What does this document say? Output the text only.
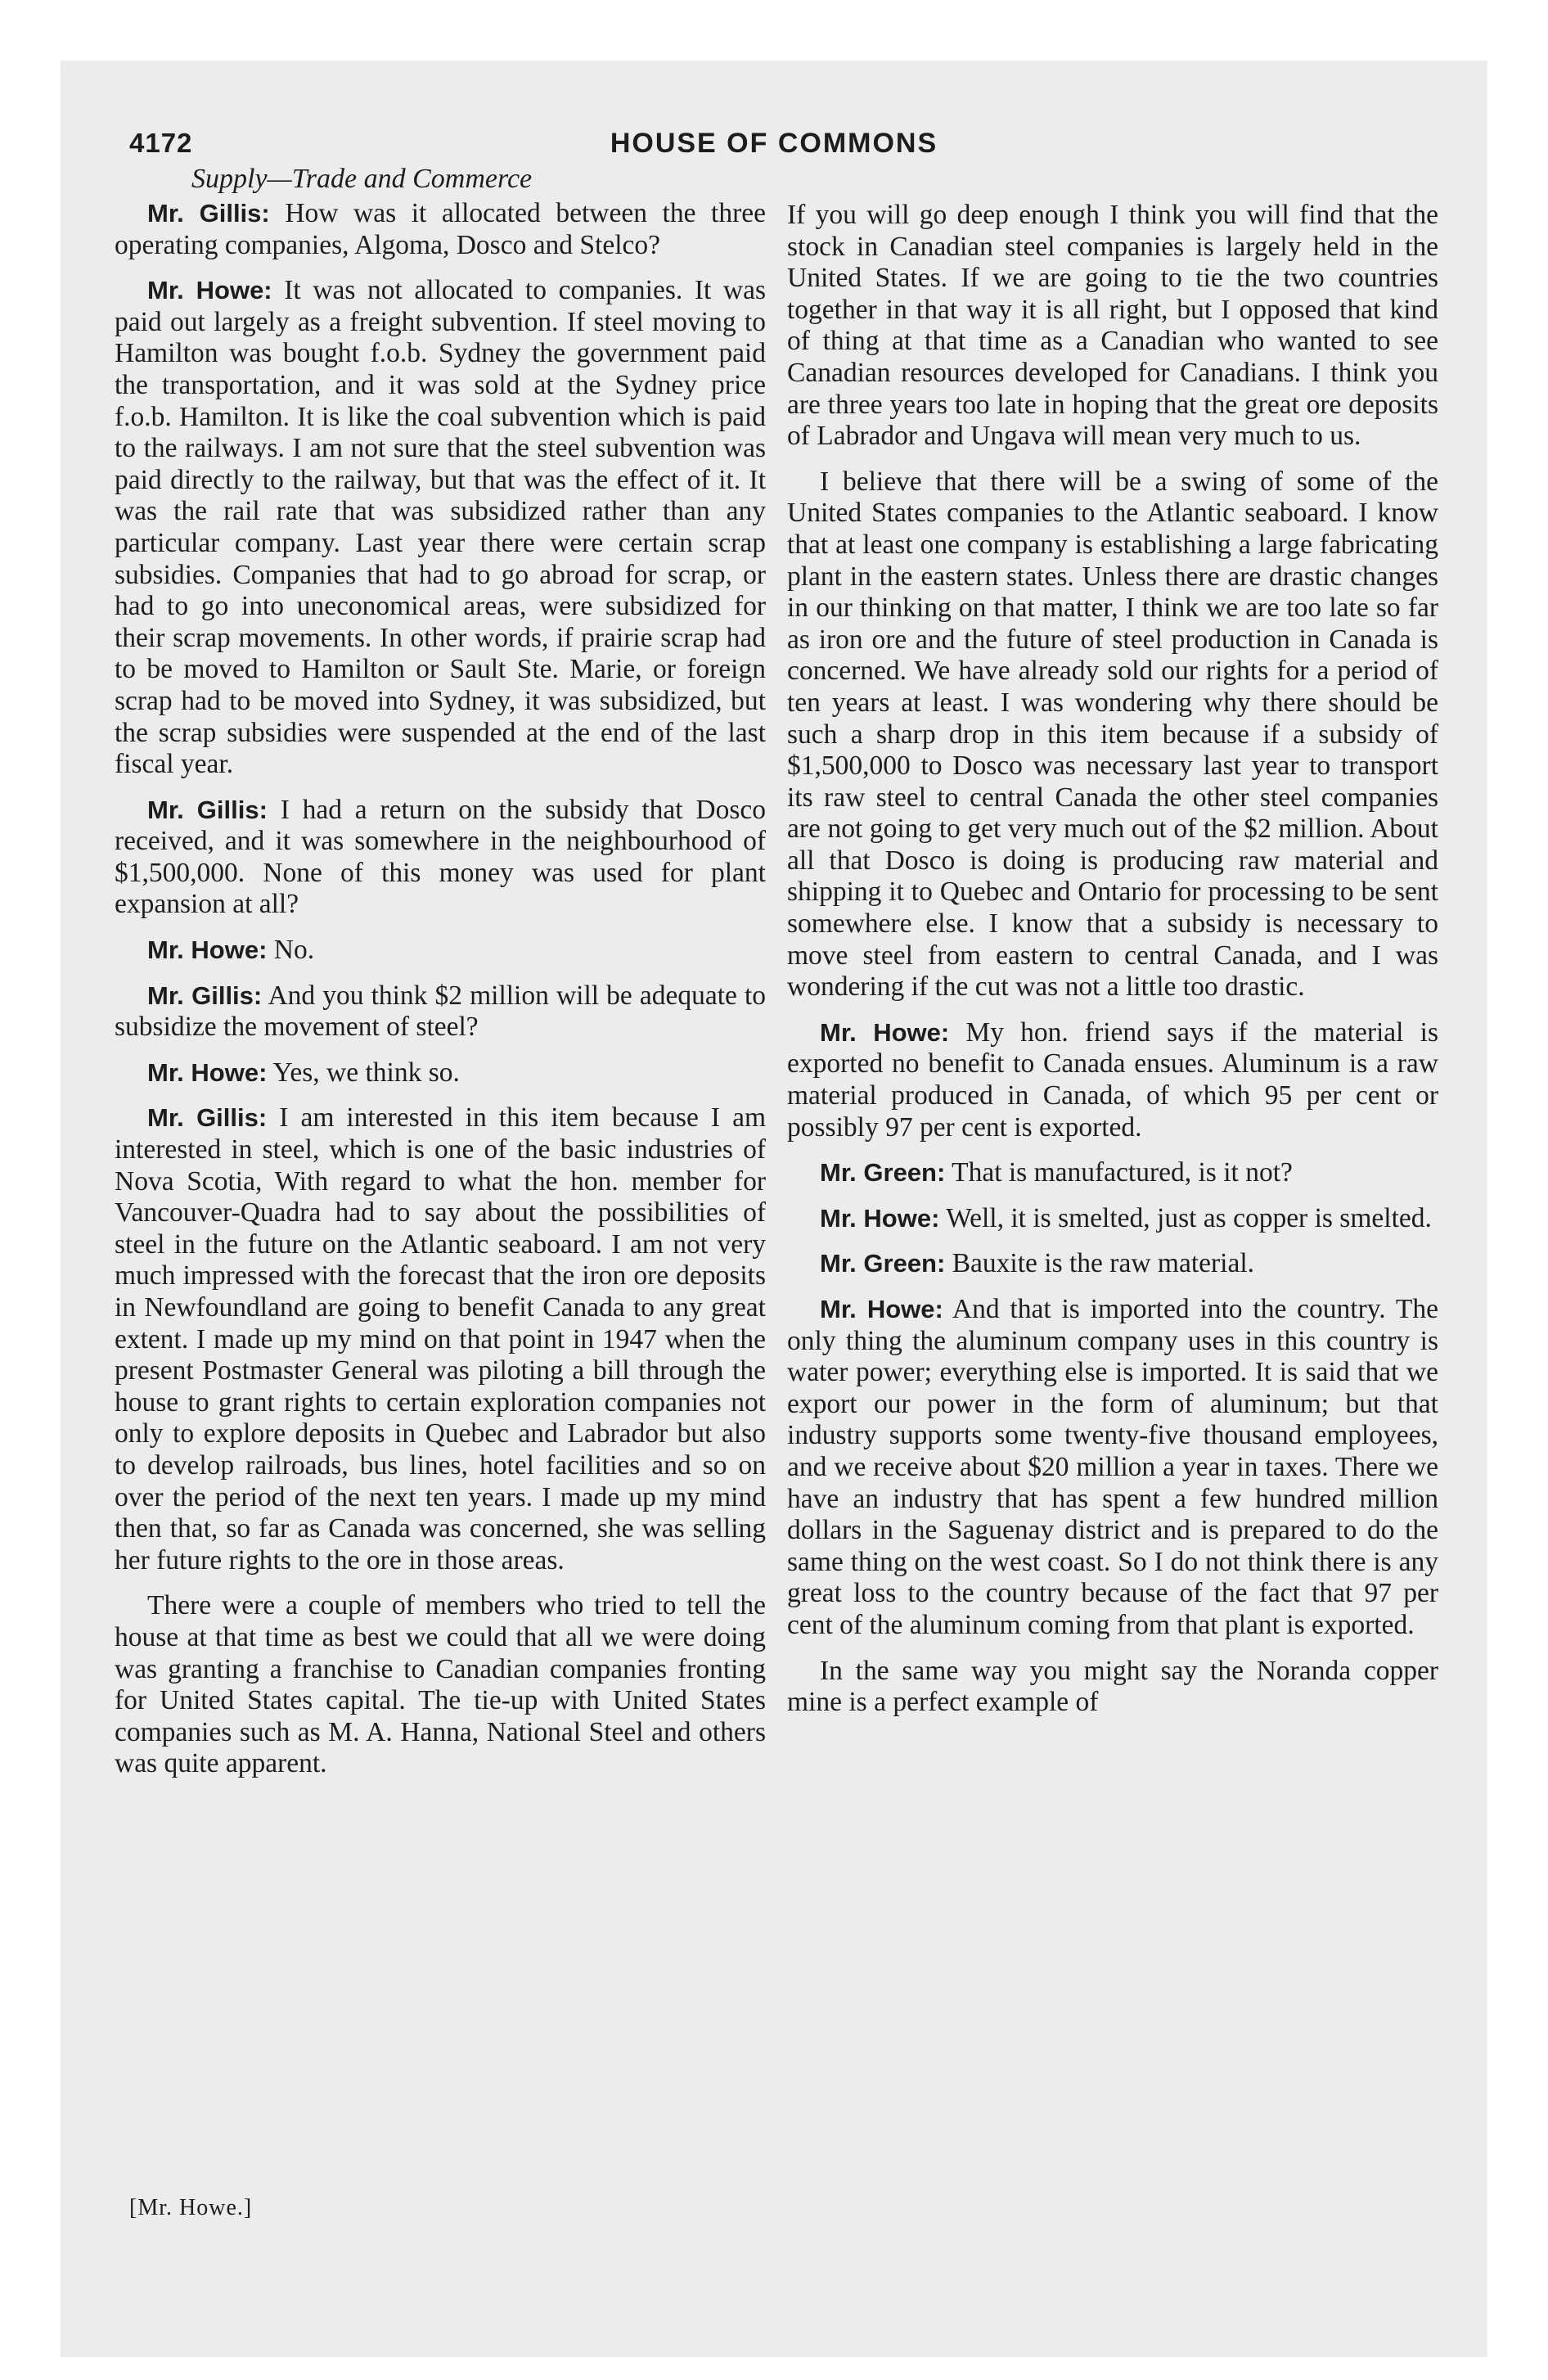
4172	HOUSE OF COMMONS
Supply—Trade and Commerce

Mr. Gillis: How was it allocated between the three operating companies, Algoma, Dosco and Stelco?

Mr. Howe: It was not allocated to companies. It was paid out largely as a freight subvention. If steel moving to Hamilton was bought f.o.b. Sydney the government paid the transportation, and it was sold at the Sydney price f.o.b. Hamilton. It is like the coal subvention which is paid to the railways. I am not sure that the steel subvention was paid directly to the railway, but that was the effect of it. It was the rail rate that was subsidized rather than any particular company. Last year there were certain scrap subsidies. Companies that had to go abroad for scrap, or had to go into uneconomical areas, were subsidized for their scrap movements. In other words, if prairie scrap had to be moved to Hamilton or Sault Ste. Marie, or foreign scrap had to be moved into Sydney, it was subsidized, but the scrap subsidies were suspended at the end of the last fiscal year.

Mr. Gillis: I had a return on the subsidy that Dosco received, and it was somewhere in the neighbourhood of $1,500,000. None of this money was used for plant expansion at all?

Mr. Howe: No.

Mr. Gillis: And you think $2 million will be adequate to subsidize the movement of steel?

Mr. Howe: Yes, we think so.

Mr. Gillis: I am interested in this item because I am interested in steel, which is one of the basic industries of Nova Scotia, With regard to what the hon. member for Vancouver-Quadra had to say about the possibilities of steel in the future on the Atlantic seaboard. I am not very much impressed with the forecast that the iron ore deposits in Newfoundland are going to benefit Canada to any great extent. I made up my mind on that point in 1947 when the present Postmaster General was piloting a bill through the house to grant rights to certain exploration companies not only to explore deposits in Quebec and Labrador but also to develop railroads, bus lines, hotel facilities and so on over the period of the next ten years. I made up my mind then that, so far as Canada was concerned, she was selling her future rights to the ore in those areas.

There were a couple of members who tried to tell the house at that time as best we could that all we were doing was granting a franchise to Canadian companies fronting for United States capital. The tie-up with United States companies such as M. A. Hanna, National Steel and others was quite apparent.

If you will go deep enough I think you will find that the stock in Canadian steel companies is largely held in the United States. If we are going to tie the two countries together in that way it is all right, but I opposed that kind of thing at that time as a Canadian who wanted to see Canadian resources developed for Canadians. I think you are three years too late in hoping that the great ore deposits of Labrador and Ungava will mean very much to us.

I believe that there will be a swing of some of the United States companies to the Atlantic seaboard. I know that at least one company is establishing a large fabricating plant in the eastern states. Unless there are drastic changes in our thinking on that matter, I think we are too late so far as iron ore and the future of steel production in Canada is concerned. We have already sold our rights for a period of ten years at least. I was wondering why there should be such a sharp drop in this item because if a subsidy of $1,500,000 to Dosco was necessary last year to transport its raw steel to central Canada the other steel companies are not going to get very much out of the $2 million. About all that Dosco is doing is producing raw material and shipping it to Quebec and Ontario for processing to be sent somewhere else. I know that a subsidy is necessary to move steel from eastern to central Canada, and I was wondering if the cut was not a little too drastic.

Mr. Howe: My hon. friend says if the material is exported no benefit to Canada ensues. Aluminum is a raw material produced in Canada, of which 95 per cent or possibly 97 per cent is exported.

Mr. Green: That is manufactured, is it not?

Mr. Howe: Well, it is smelted, just as copper is smelted.

Mr. Green: Bauxite is the raw material.

Mr. Howe: And that is imported into the country. The only thing the aluminum company uses in this country is water power; everything else is imported. It is said that we export our power in the form of aluminum; but that industry supports some twenty-five thousand employees, and we receive about $20 million a year in taxes. There we have an industry that has spent a few hundred million dollars in the Saguenay district and is prepared to do the same thing on the west coast. So I do not think there is any great loss to the country because of the fact that 97 per cent of the aluminum coming from that plant is exported.

In the same way you might say the Noranda copper mine is a perfect example of

[Mr. Howe.]
